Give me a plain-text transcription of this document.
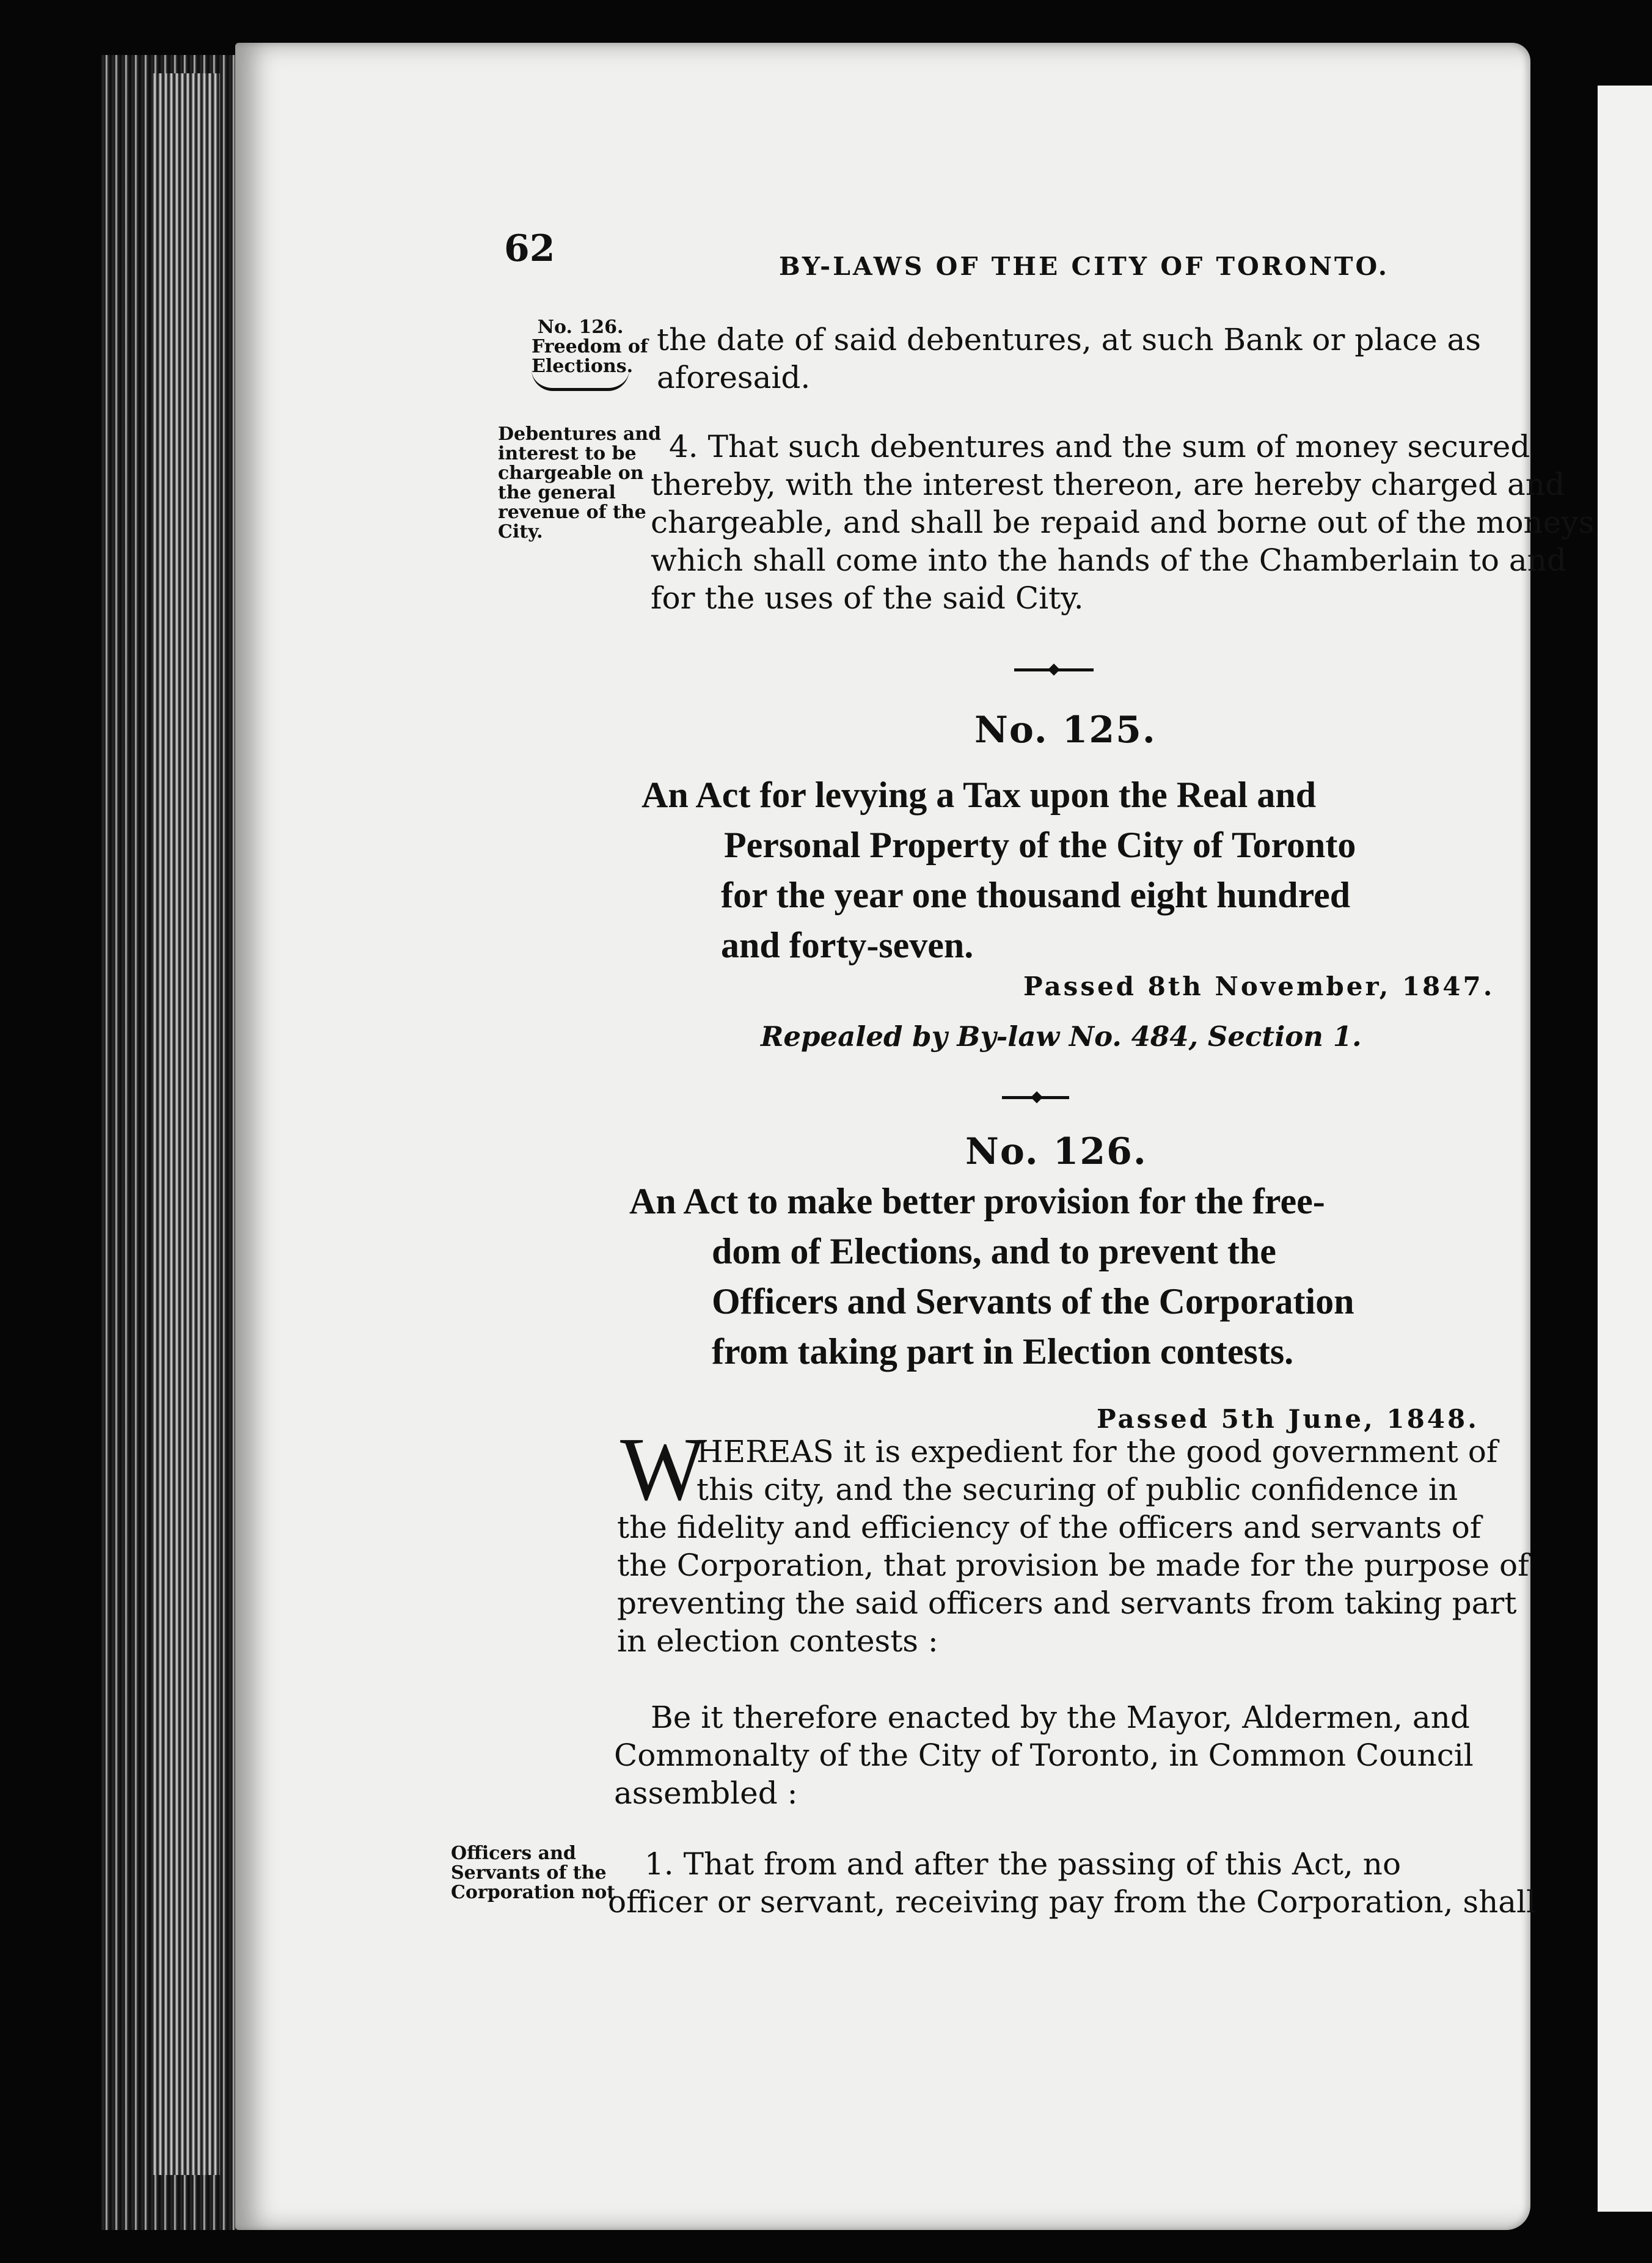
62	BY-LAWS OF THE CITY OF TORONTO.
No. 126.
Freedom of
Elections.
Debentures and
interest to be
chargeable on
the general
revenue of the
City.
the date of said debentures, at such Bank or place as
aforesaid.
4. That such debentures and the sum of money secured
thereby, with the interest thereon, are hereby charged and
chargeable, and shall be repaid and borne out of the moneys
which shall come into the hands of the Chamberlain to and
for the uses of the said City.
No. 125.
An Act for levying a Tax upon the Real and
Personal Property of the City of Toronto
for the year one thousand eight hundred
and forty-seven.
Passed 8th November, 1847.
Repealed by By-law No. 484, Section 1.
No. 126.
An Act to make better provision for the free-
dom of Elections, and to prevent the
Officers and Servants of the Corporation
from taking part in Election contests.
Passed 5th June, 1848.
W
HEREAS it is expedient for the good government of
this city, and the securing of public confidence in
the fidelity and efficiency of the officers and servants of
the Corporation, that provision be made for the purpose of
preventing the said officers and servants from taking part
in election contests :
Be it therefore enacted by the Mayor, Aldermen, and
Commonalty of the City of Toronto, in Common Council
assembled :
Officers and
Servants of the
Corporation not
1. That from and after the passing of this Act, no
officer or servant, receiving pay from the Corporation, shall
